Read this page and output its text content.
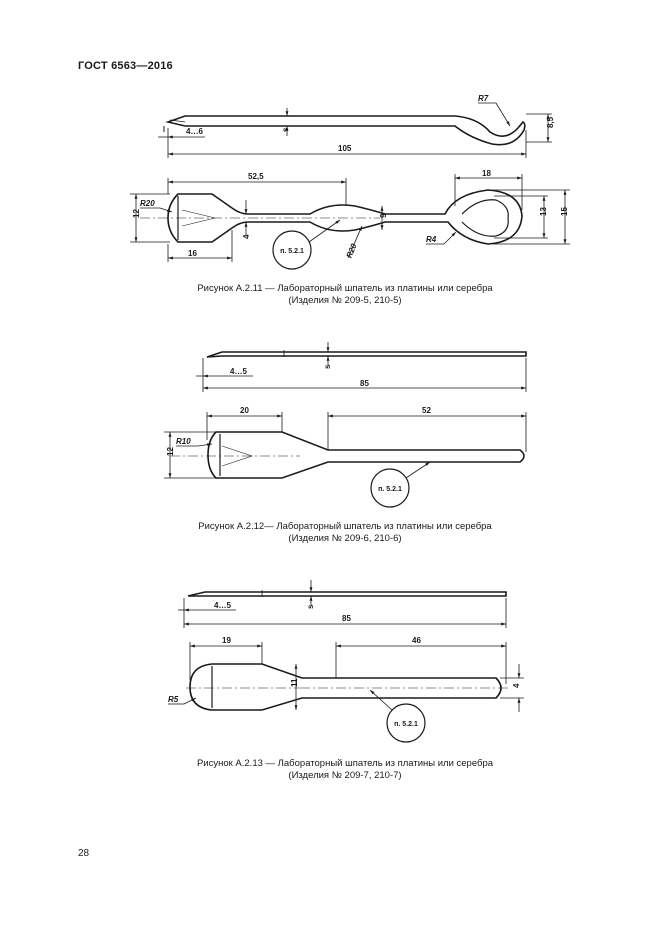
ГОСТ 6563—2016
4…6	s
R7
8,5
105
52,5
12
R20
16
4
9
R20
18
13 15
R4
п. 5.2.1
4…5
s
85
20	52
R10
12
п. 5.2.1
4…5	s
85
19	46
11	4
R5
п. 5.2.1
Рисунок А.2.11 — Лабораторный шпатель из платины или серебра
(Изделия № 209-5, 210-5)
Рисунок А.2.12— Лабораторный шпатель из платины или серебра
(Изделия № 209-6, 210-6)
Рисунок А.2.13 — Лабораторный шпатель из платины или серебра
(Изделия № 209-7, 210-7)
28
